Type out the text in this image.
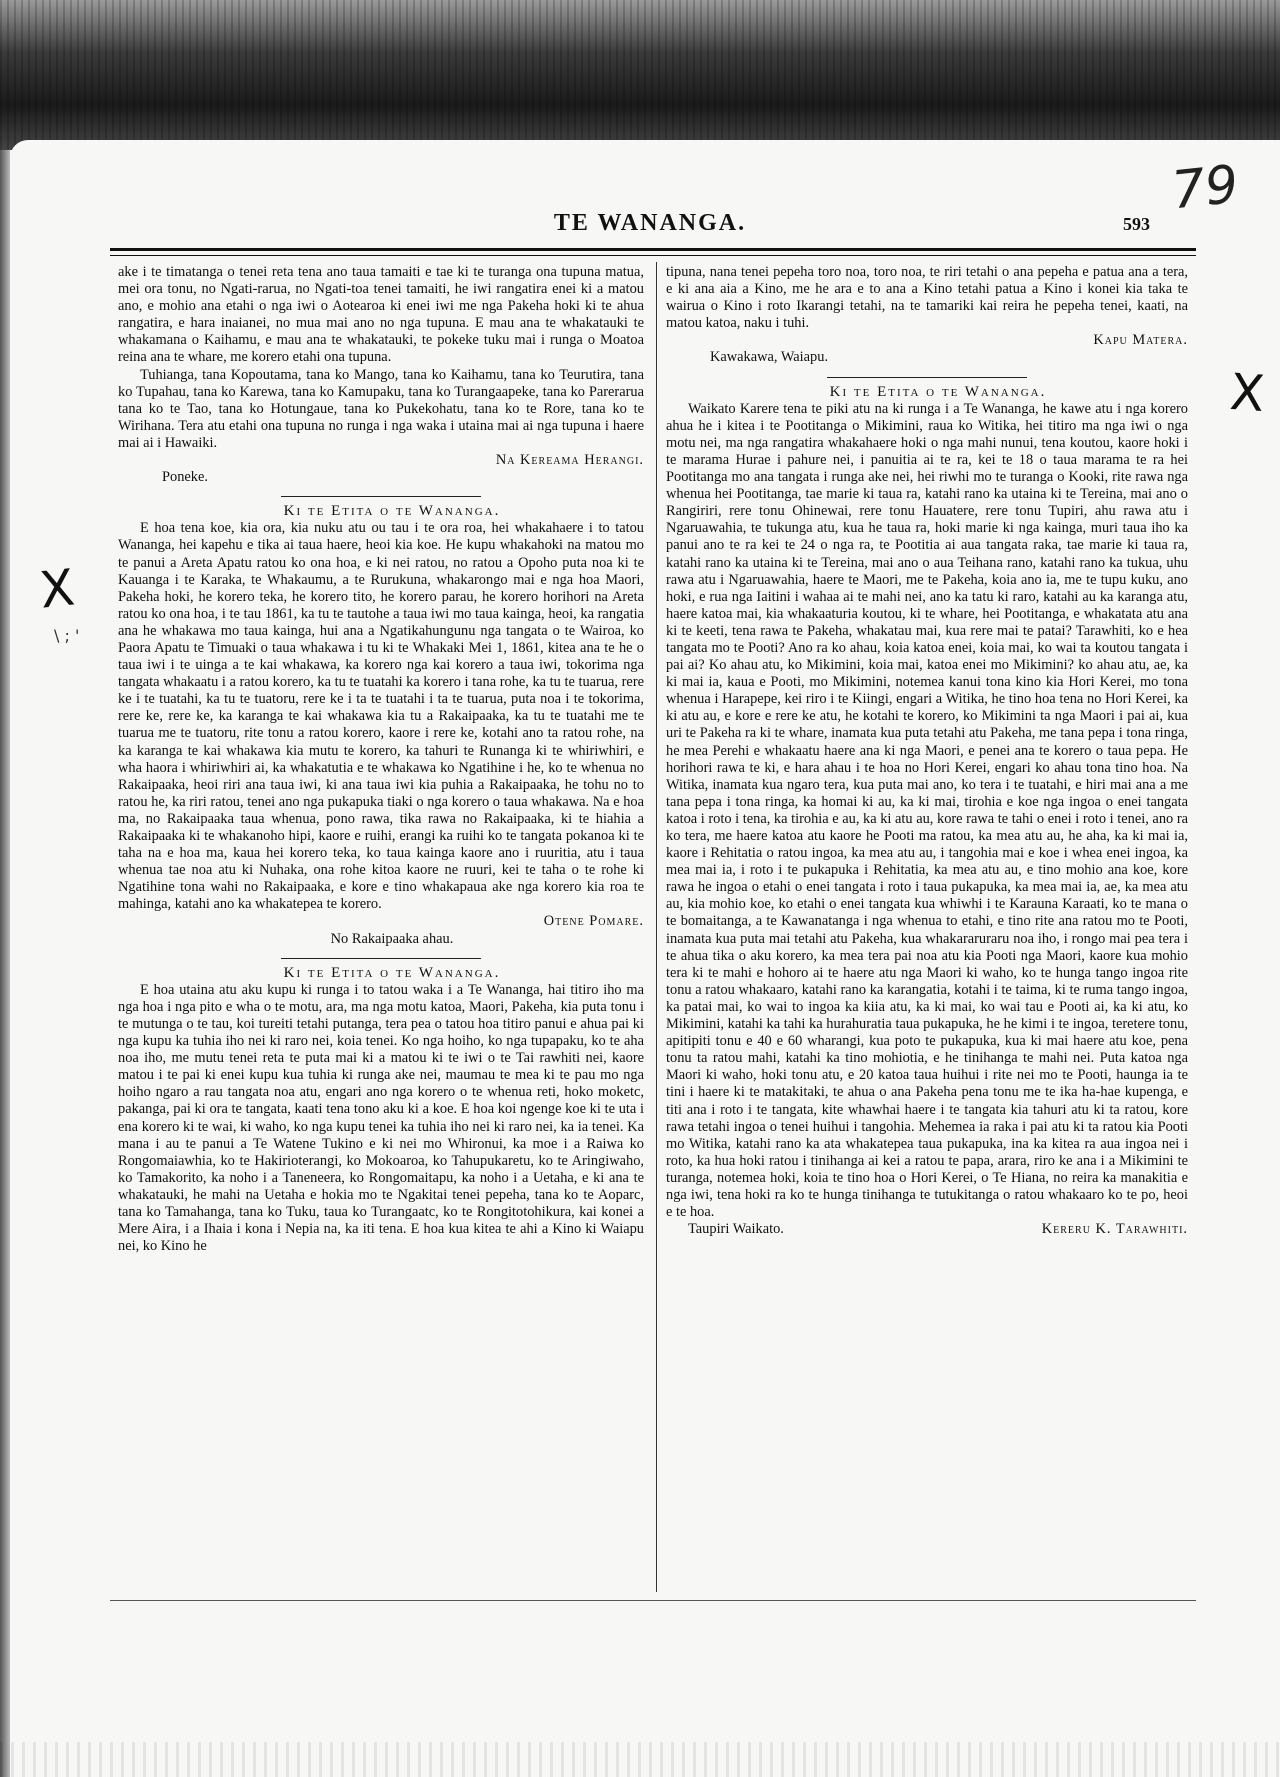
79
TE WANANGA.	593
X
\ ; '
X

ake i te timatanga o tenei reta tena ano taua tamaiti e tae ki te turanga ona tupuna matua, mei ora tonu, no Ngati-rarua, no Ngati-toa tenei tamaiti, he iwi rangatira enei ki a matou ano, e mohio ana etahi o nga iwi o Aotearoa ki enei iwi me nga Pakeha hoki ki te ahua rangatira, e hara inaianei, no mua mai ano no nga tupuna. E mau ana te whakatauki te whakamana o Kaihamu, e mau ana te whakatauki, te pokeke tuku mai i runga o Moatoa reina ana te whare, me korero etahi ona tupuna.

Tuhianga, tana Kopoutama, tana ko Mango, tana ko Kaihamu, tana ko Teurutira, tana ko Tupahau, tana ko Karewa, tana ko Kamupaku, tana ko Turangaapeke, tana ko Pareraruа tana ko te Tao, tana ko Hotungaue, tana ko Pukekohatu, tana ko te Rore, tana ko te Wirihana. Tera atu etahi ona tupuna no runga i nga waka i utaina mai ai nga tupuna i haere mai ai i Hawaiki.

Na Kereama Herangi.

Poneke.

Ki te Etita o te Wananga.

E hoa tena koe, kia ora, kia nuku atu ou tau i te ora roa, hei whakahaere i to tatou Wananga, hei kapehu e tika ai taua haere, heoi kia koe. He kupu whakahoki na matou mo te panui a Areta Apatu ratou ko ona hoa, e ki nei ratou, no ratou a Opoho puta noa ki te Kauanga i te Karaka, te Whakaumu, a te Rurukunа, whakarongo mai e nga hoa Maori, Pakeha hoki, he korero teka, he korero tito, he korero parau, he korero horihori na Areta ratou ko ona hoa, i te tau 1861, ka tu te tautohe a taua iwi mo taua kainga, heoi, ka rangatia ana he whakawa mo taua kainga, hui ana a Ngatikahungunu nga tangata o te Wairoa, ko Paora Apatu te Timuaki o taua whakawa i tu ki te Whakaki Mei 1, 1861, kitea ana te he o taua iwi i te uinga a te kai whakawa, ka korero nga kai korero a taua iwi, tokorima nga tangata whakaatu i a ratou korero, ka tu te tuatahi ka korero i tana rohe, ka tu te tuarua, rere ke i te tuatahi, ka tu te tuatoru, rere ke i ta te tuatahi i ta te tuarua, puta noa i te tokorima, rere ke, rere ke, ka karanga te kai whakawa kia tu a Rakaipaaka, ka tu te tuatahi me te tuarua me te tuatoru, rite tonu a ratou korero, kaore i rere ke, kotahi ano ta ratou rohe, na ka karanga te kai whakawa kia mutu te korero, ka tahuri te Runanga ki te whiriwhiri, e wha haora i whiriwhiri ai, ka whakatutia e te whakawa ko Ngatihine i he, ko te whenua no Rakaipaaka, heoi riri ana taua iwi, ki ana taua iwi kia puhia a Rakaipaaka, he tohu no to ratou he, ka riri ratou, tenei ano nga pukapuka tiaki o nga korero o taua whakawa. Na e hoa ma, no Rakaipaaka taua whenua, pono rawa, tika rawa no Rakaipaaka, ki te hiahia a Rakaipaaka ki te whakanoho hipi, kaore e ruihi, erangi ka ruihi ko te tangata pokanoa ki te taha na e hoa ma, kaua hei korero teka, ko taua kainga kaore ano i ruuritia, atu i taua whenua tae noa atu ki Nuhaka, ona rohe kitoa kaore ne ruuri, kei te taha o te rohe ki Ngatihine tona wahi no Rakaipaaka, e kore e tino whakapaua ake nga korero kia roa te mahinga, katahi ano ka whakatepea te korero.

Otene Pomare.

No Rakaipaaka ahau.

Ki te Etita o te Wananga.

E hoa utaina atu aku kupu ki runga i to tatou waka i a Te Wananga, hai titiro iho ma nga hoa i nga pito e wha o te motu, ara, ma nga motu katoa, Maori, Pakeha, kia puta tonu i te mutunga o te tau, koi tureiti tetahi putanga, tera pea o tatou hoa titiro panui e ahua pai ki nga kupu ka tuhia iho nei ki raro nei, koia tenei. Ko nga hoiho, ko nga tupapaku, ko te aha noa iho, me mutu tenei reta te puta mai ki a matou ki te iwi o te Tai rawhiti nei, kaore matou i te pai ki enei kupu kua tuhia ki runga ake nei, maumau te mea ki te pau mo nga hoiho ngaro a rau tangata noa atu, engari ano nga korero o te whenua reti, hoko moketc, pakanga, pai ki ora te tangata, kaati tena tono aku ki a koe. E hoa koi ngenge koe ki te uta i ena korero ki te wai, ki waho, ko nga kupu tenei ka tuhia iho nei ki raro nei, ka ia tenei. Ka mana i au te panui a Te Watene Tukino e ki nei mo Whironui, ka moe i a Raiwa ko Rongomaiawhia, ko te Hakirioterangi, ko Mokoaroa, ko Tahupukaretu, ko te Aringiwaho, ko Tamakorito, ka noho i a Taneneera, ko Rongomaitapu, ka noho i a Uetaha, e ki ana te whakatauki, he mahi na Uetaha e hokia mo te Ngakitai tenei pepeha, tana ko te Aoparc, tana ko Tamahanga, tana ko Tuku, taua ko Turangaatc, ko te Rongitotohikura, kai konei a Mere Aira, i a Ihaia i kona i Nepia na, ka iti tena. E hoa kua kitea te ahi a Kino ki Waiapu nei, ko Kino he

tipuna, nana tenei pepeha toro noa, toro noa, te riri tetahi o ana pepeha e patua ana a tera, e ki ana aia a Kino, me he ara e to ana a Kino tetahi patua a Kino i konei kia taka te wairua o Kino i roto Ikarangi tetahi, na te tamariki kai reira he pepeha tenei, kaati, na matou katoa, naku i tuhi.

Kapu Matera.

Kawakawa, Waiapu.

Ki te Etita o te Wananga.

Waikato Karere tena te piki atu na ki runga i a Te Wananga, he kawe atu i nga korero ahua he i kitea i te Pootitanga o Mikimini, raua ko Witika, hei titiro ma nga iwi o nga motu nei, ma nga rangatira whakahaere hoki o nga mahi nunui, tena koutou, kaore hoki i te marama Hurae i pahure nei, i panuitia ai te ra, kei te 18 o taua marama te ra hei Pootitanga mo ana tangata i runga ake nei, hei riwhi mo te turanga o Kooki, rite rawa nga whenua hei Pootitanga, tae marie ki taua ra, katahi rano ka utaina ki te Tereina, mai ano o Rangiriri, rere tonu Ohinewai, rere tonu Hauatere, rere tonu Tupiri, ahu rawa atu i Ngaruawahia, te tukunga atu, kua he taua ra, hoki marie ki nga kainga, muri taua iho ka panui ano te ra kei te 24 o nga ra, te Pootitia ai aua tangata raka, tae marie ki taua ra, katahi rano ka utaina ki te Tereina, mai ano o aua Teihana rano, katahi rano ka tukua, uhu rawa atu i Ngaruawahia, haere te Maori, me te Pakeha, koia ano ia, me te tupu kuku, ano hoki, e rua nga Iaitini i wahaa ai te mahi nei, ano ka tatu ki raro, katahi au ka karanga atu, haere katoa mai, kia whakaaturia koutou, ki te whare, hei Pootitanga, e whakatata atu ana ki te keeti, tena rawa te Pakeha, whakatau mai, kua rere mai te patai? Tarawhiti, ko e hea tangata mo te Pooti? Ano ra ko ahau, koia katoa enei, koia mai, ko wai ta koutou tangata i pai ai? Ko ahau atu, ko Mikimini, koia mai, katoa enei mo Mikimini? ko ahau atu, ae, ka ki mai ia, kaua e Pooti, mo Mikimini, notemea kanui tona kino kia Hori Kerei, mo tona whenua i Harapepe, kei riro i te Kiingi, engari a Witika, he tino hoa tena no Hori Kerei, ka ki atu au, e kore e rere ke atu, he kotahi te korero, ko Mikimini ta nga Maori i pai ai, kua uri te Pakeha ra ki te whare, inamata kua puta tetahi atu Pakeha, me tana pepa i tona ringa, he mea Perehi e whakaatu haere ana ki nga Maori, e penei ana te korero o taua pepa. He horihori rawa te ki, e hara ahau i te hoa no Hori Kerei, engari ko ahau tona tino hoa. Na Witika, inamata kua ngaro tera, kua puta mai ano, ko tera i te tuatahi, e hiri mai ana a me tana pepa i tona ringa, ka homai ki au, ka ki mai, tirohia e koe nga ingoa o enei tangata katoa i roto i tena, ka tirohia e au, ka ki atu au, kore rawa te tahi o enei i roto i tenei, ano ra ko tera, me haere katoa atu kaore he Pooti ma ratou, ka mea atu au, he aha, ka ki mai ia, kaore i Rehitatia o ratou ingoa, ka mea atu au, i tangohia mai e koe i whea enei ingoa, ka mea mai ia, i roto i te pukapuka i Rehitatia, ka mea atu au, e tino mohio ana koe, kore rawa he ingoa o etahi o enei tangata i roto i taua pukapuka, ka mea mai ia, ae, ka mea atu au, kia mohio koe, ko etahi o enei tangata kua whiwhi i te Karauna Karaati, ko te mana o te bomaitanga, a te Kawanatanga i nga whenua to etahi, e tino rite ana ratou mo te Pooti, inamata kua puta mai tetahi atu Pakeha, kua whakararuraru noa iho, i rongo mai pea tera i te ahua tika o aku korero, ka mea tera pai noa atu kia Pooti nga Maori, kaore kua mohio tera ki te mahi e hohoro ai te haere atu nga Maori ki waho, ko te hunga tango ingoa rite tonu a ratou whakaaro, katahi rano ka karangatia, kotahi i te taima, ki te ruma tango ingoa, ka patai mai, ko wai to ingoa ka kiia atu, ka ki mai, ko wai tau e Pooti ai, ka ki atu, ko Mikimini, katahi ka tahi ka hurahuratia taua pukapuka, he he kimi i te ingoa, teretere tonu, apitipiti tonu e 40 e 60 wharangi, kua poto te pukapuka, kua ki mai haere atu koe, pena tonu ta ratou mahi, katahi ka tino mohiotia, e he tinihanga te mahi nei. Puta katoa nga Maori ki waho, hoki tonu atu, e 20 katoa taua huihui i rite nei mo te Pooti, haunga ia te tini i haere ki te matakitaki, te ahua o ana Pakeha pena tonu me te ika ha-hae kupenga, e titi ana i roto i te tangata, kite whawhai haere i te tangata kia tahuri atu ki ta ratou, kore rawa tetahi ingoa o tenei huihui i tangohia. Mehemea ia raka i pai atu ki ta ratou kia Pooti mo Witika, katahi rano ka ata whakatepea taua pukapuka, ina ka kitea ra aua ingoa nei i roto, ka hua hoki ratou i tinihanga ai kei a ratou te papa, arara, riro ke ana i a Mikimini te turanga, notemea hoki, koia te tino hoa o Hori Kerei, o Te Hiana, no reira ka manakitia e nga iwi, tena hoki ra ko te hunga tinihanga te tutukitanga o ratou whakaaro ko te po, heoi e te hoa.

Taupiri Waikato.	Kereru K. Tarawhiti.
